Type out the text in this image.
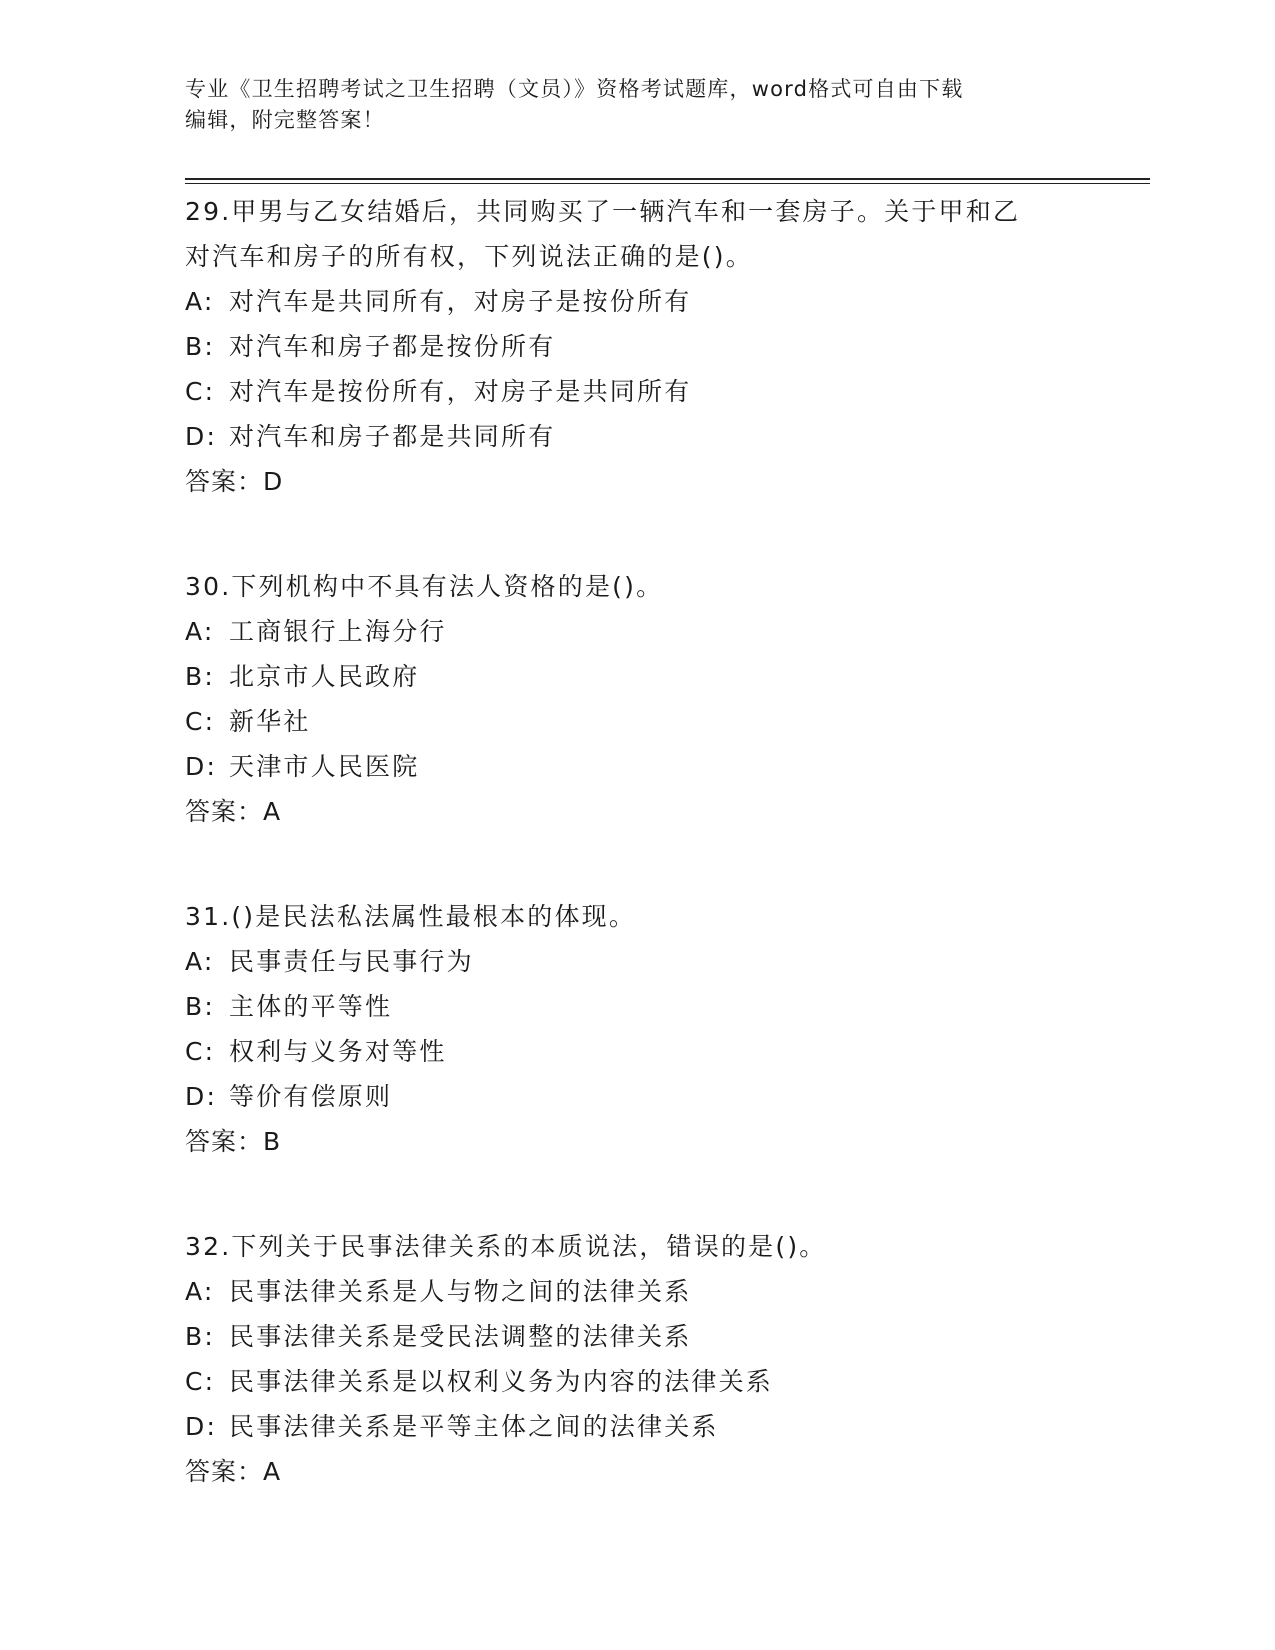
专业《卫生招聘考试之卫生招聘（文员）》资格考试题库，word格式可自由下载
编辑，附完整答案！
29.甲男与乙女结婚后，共同购买了一辆汽车和一套房子。关于甲和乙
对汽车和房子的所有权，下列说法正确的是()。
A: 对汽车是共同所有，对房子是按份所有
B: 对汽车和房子都是按份所有
C: 对汽车是按份所有，对房子是共同所有
D: 对汽车和房子都是共同所有
答案：D
30.下列机构中不具有法人资格的是()。
A: 工商银行上海分行
B: 北京市人民政府
C: 新华社
D: 天津市人民医院
答案：A
31.()是民法私法属性最根本的体现。
A: 民事责任与民事行为
B: 主体的平等性
C: 权利与义务对等性
D: 等价有偿原则
答案：B
32.下列关于民事法律关系的本质说法，错误的是()。
A: 民事法律关系是人与物之间的法律关系
B: 民事法律关系是受民法调整的法律关系
C: 民事法律关系是以权利义务为内容的法律关系
D: 民事法律关系是平等主体之间的法律关系
答案：A
